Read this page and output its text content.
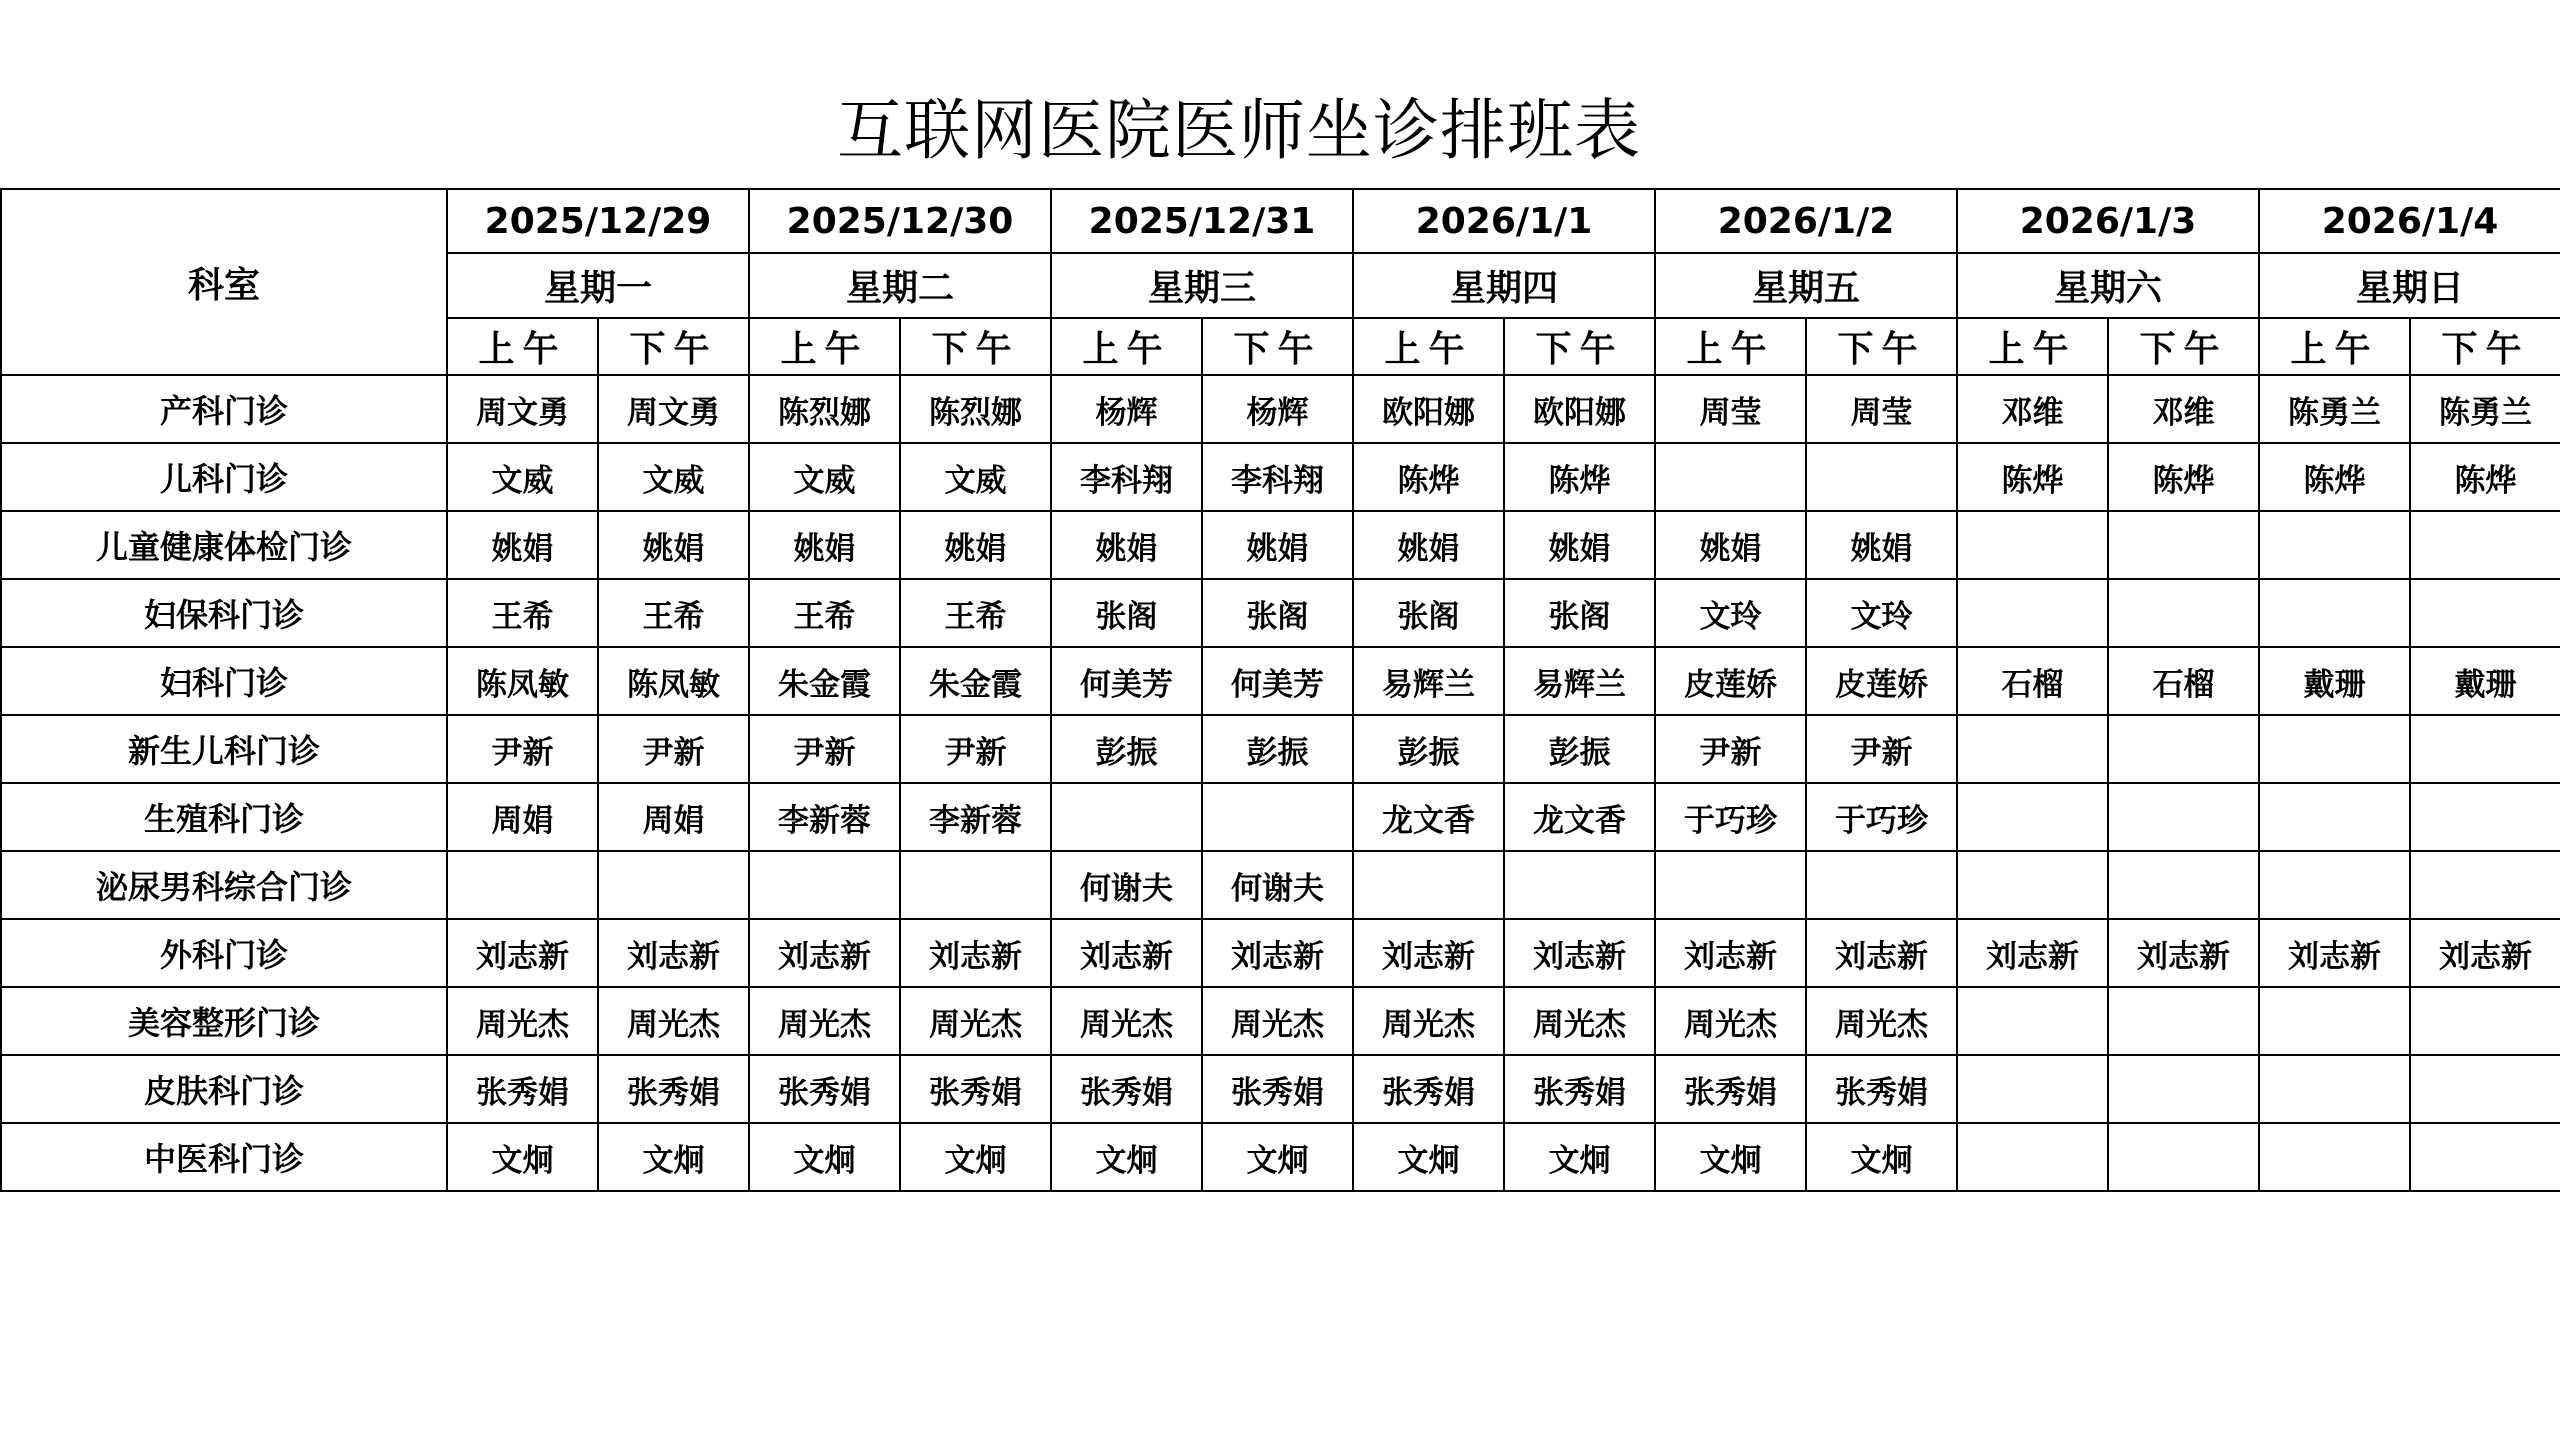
互联网医院医师坐诊排班表
科室	2025/12/29		2025/12/30		2025/12/31		2026/1/1		2026/1/2		2026/1/3		2026/1/4	
	星期一		星期二		星期三		星期四		星期五		星期六		星期日	
	上午	下午	上午	下午	上午	下午	上午	下午	上午	下午	上午	下午	上午	下午
产科门诊	周文勇	周文勇	陈烈娜	陈烈娜	杨辉	杨辉	欧阳娜	欧阳娜	周莹	周莹	邓维	邓维	陈勇兰	陈勇兰
儿科门诊	文威	文威	文威	文威	李科翔	李科翔	陈烨	陈烨			陈烨	陈烨	陈烨	陈烨
儿童健康体检门诊	姚娟	姚娟	姚娟	姚娟	姚娟	姚娟	姚娟	姚娟	姚娟	姚娟				
妇保科门诊	王希	王希	王希	王希	张阁	张阁	张阁	张阁	文玲	文玲				
妇科门诊	陈凤敏	陈凤敏	朱金霞	朱金霞	何美芳	何美芳	易辉兰	易辉兰	皮莲娇	皮莲娇	石榴	石榴	戴珊	戴珊
新生儿科门诊	尹新	尹新	尹新	尹新	彭振	彭振	彭振	彭振	尹新	尹新				
生殖科门诊	周娟	周娟	李新蓉	李新蓉			龙文香	龙文香	于巧珍	于巧珍				
泌尿男科综合门诊					何谢夫	何谢夫								
外科门诊	刘志新	刘志新	刘志新	刘志新	刘志新	刘志新	刘志新	刘志新	刘志新	刘志新	刘志新	刘志新	刘志新	刘志新
美容整形门诊	周光杰	周光杰	周光杰	周光杰	周光杰	周光杰	周光杰	周光杰	周光杰	周光杰				
皮肤科门诊	张秀娟	张秀娟	张秀娟	张秀娟	张秀娟	张秀娟	张秀娟	张秀娟	张秀娟	张秀娟				
中医科门诊	文炯	文炯	文炯	文炯	文炯	文炯	文炯	文炯	文炯	文炯				
